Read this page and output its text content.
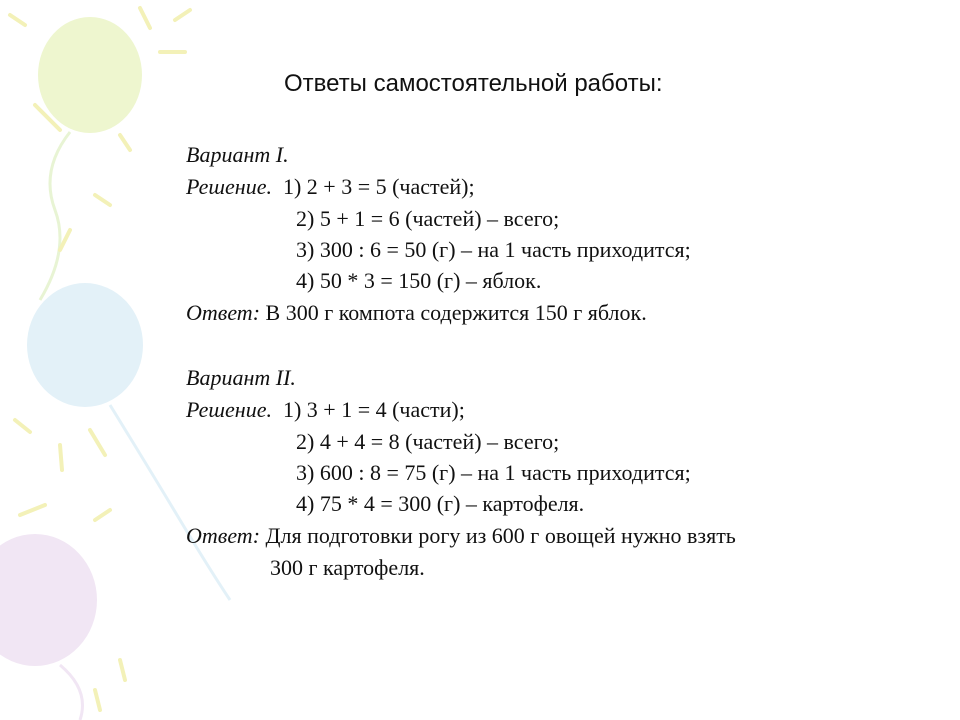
Ответы самостоятельной работы:
Вариант I.
Решение. 1) 2 + 3 = 5 (частей);
2) 5 + 1 = 6 (частей) – всего;
3) 300 : 6 = 50 (г) – на 1 часть приходится;
4) 50 * 3 = 150 (г) – яблок.
Ответ: В 300 г компота содержится 150 г яблок.
Вариант II.
Решение. 1) 3 + 1 = 4 (части);
2) 4 + 4 = 8 (частей) – всего;
3) 600 : 8 = 75 (г) – на 1 часть приходится;
4) 75 * 4 = 300 (г) – картофеля.
Ответ: Для подготовки рогу из 600 г овощей нужно взять
300 г картофеля.
